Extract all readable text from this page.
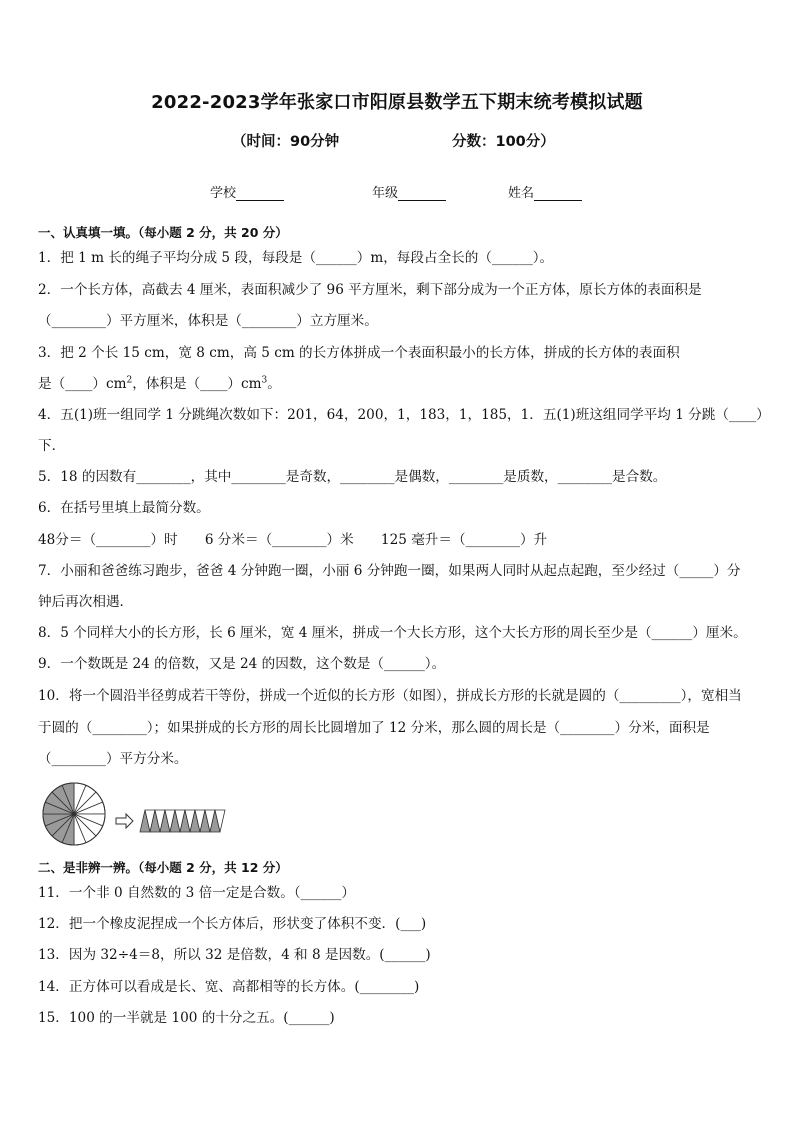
2022-2023学年张家口市阳原县数学五下期末统考模拟试题
（时间：90分钟	分数：100分）
学校	年级	姓名
一、认真填一填。（每小题 2 分，共 20 分）
1．把 1 m 长的绳子平均分成 5 段，每段是（______）m，每段占全长的（______）。
2．一个长方体，高截去 4 厘米，表面积减少了 96 平方厘米，剩下部分成为一个正方体，原长方体的表面积是
（________）平方厘米，体积是（________）立方厘米。
3．把 2 个长 15 cm，宽 8 cm，高 5 cm 的长方体拼成一个表面积最小的长方体，拼成的长方体的表面积
是$(\_\_\_\_)cm^2$，体积是$(\_\_\_\_)cm^3$。
4．五(1)班一组同学 1 分跳绳次数如下：201，64，200，1，183，1，185，1．五(1)班这组同学平均 1 分跳（____）
下．
5．18 的因数有________，其中________是奇数，________是偶数，________是质数，________是合数。
6．在括号里填上最简分数。
48分＝（________）时　　6 分米＝（________）米　　125 毫升＝（________）升
7．小丽和爸爸练习跑步，爸爸 4 分钟跑一圈，小丽 6 分钟跑一圈，如果两人同时从起点起跑，至少经过（_____）分
钟后再次相遇．
8．5 个同样大小的长方形，长 6 厘米，宽 4 厘米，拼成一个大长方形，这个大长方形的周长至少是（______）厘米。
9．一个数既是 24 的倍数，又是 24 的因数，这个数是（______）。
10．将一个圆沿半径剪成若干等份，拼成一个近似的长方形（如图），拼成长方形的长就是圆的（_________），宽相当
于圆的（________）；如果拼成的长方形的周长比圆增加了 12 分米，那么圆的周长是（________）分米，面积是
（________）平方分米。
二、是非辨一辨。（每小题 2 分，共 12 分）
11．一个非 0 自然数的 3 倍一定是合数。（______）
12．把一个橡皮泥捏成一个长方体后，形状变了体积不变．(___)
13．因为 32÷4＝8，所以 32 是倍数，4 和 8 是因数。(______)
14．正方体可以看成是长、宽、高都相等的长方体。(________)
15．100 的一半就是 100 的十分之五。(______)
